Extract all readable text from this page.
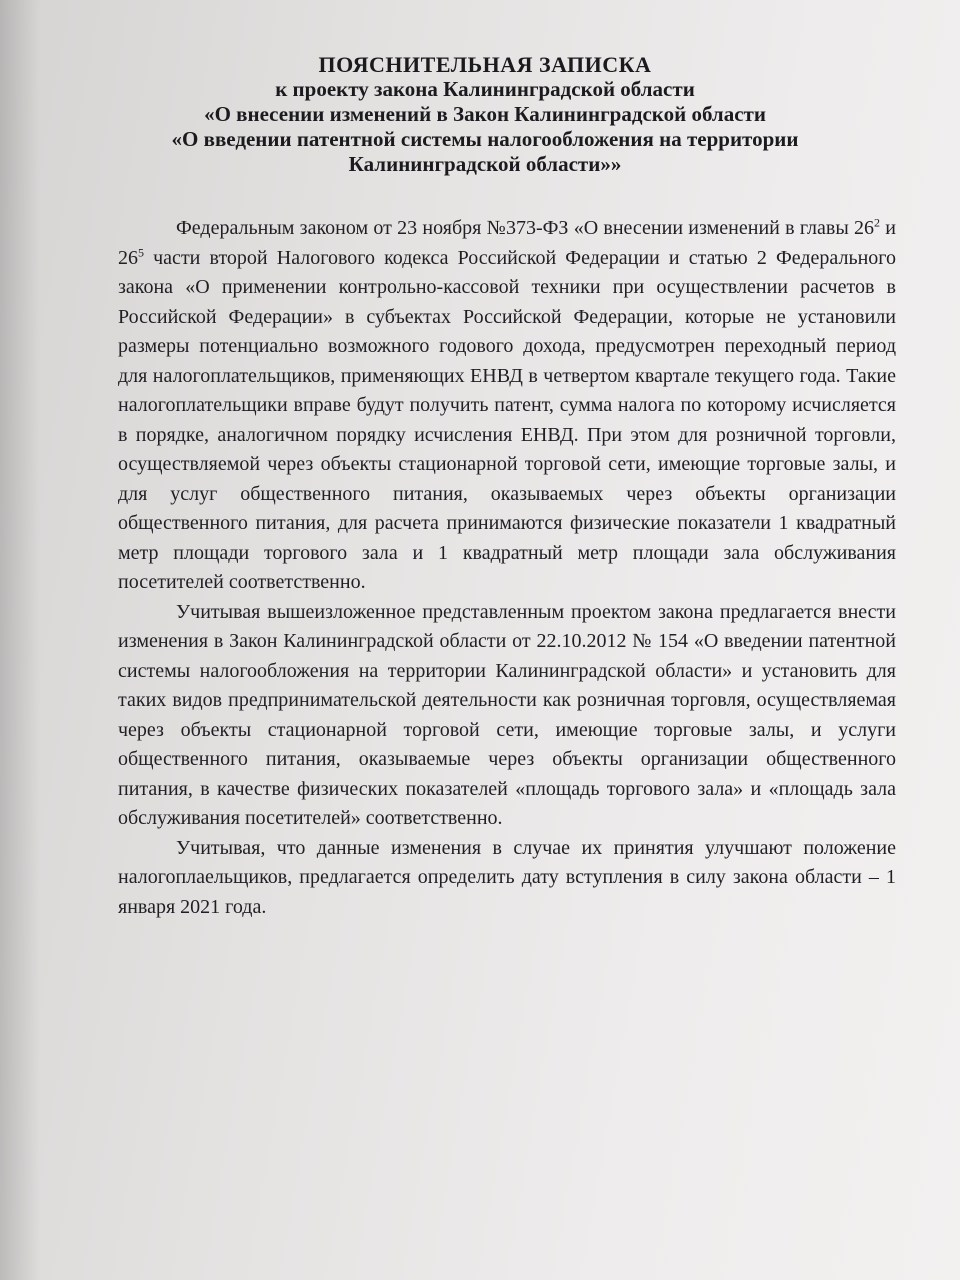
ПОЯСНИТЕЛЬНАЯ ЗАПИСКА
к проекту закона Калининградской области
«О внесении изменений в Закон Калининградской области
«О введении патентной системы налогообложения на территории
Калининградской области»»

Федеральным законом от 23 ноября №373-ФЗ «О внесении изменений в главы $26^2$ и $26^5$ части второй Налогового кодекса Российской Федерации и статью 2 Федерального закона «О применении контрольно-кассовой техники при осуществлении расчетов в Российской Федерации» в субъектах Российской Федерации, которые не установили размеры потенциально возможного годового дохода, предусмотрен переходный период для налогоплательщиков, применяющих ЕНВД в четвертом квартале текущего года. Такие налогоплательщики вправе будут получить патент, сумма налога по которому исчисляется в порядке, аналогичном порядку исчисления ЕНВД. При этом для розничной торговли, осуществляемой через объекты стационарной торговой сети, имеющие торговые залы, и для услуг общественного питания, оказываемых через объекты организации общественного питания, для расчета принимаются физические показатели 1 квадратный метр площади торгового зала и 1 квадратный метр площади зала обслуживания посетителей соответственно.

Учитывая вышеизложенное представленным проектом закона предлагается внести изменения в Закон Калининградской области от 22.10.2012 № 154 «О введении патентной системы налогообложения на территории Калининградской области» и установить для таких видов предпринимательской деятельности как розничная торговля, осуществляемая через объекты стационарной торговой сети, имеющие торговые залы, и услуги общественного питания, оказываемые через объекты организации общественного питания, в качестве физических показателей «площадь торгового зала» и «площадь зала обслуживания посетителей» соответственно.

Учитывая, что данные изменения в случае их принятия улучшают положение налогоплаельщиков, предлагается определить дату вступления в силу закона области – 1 января 2021 года.
